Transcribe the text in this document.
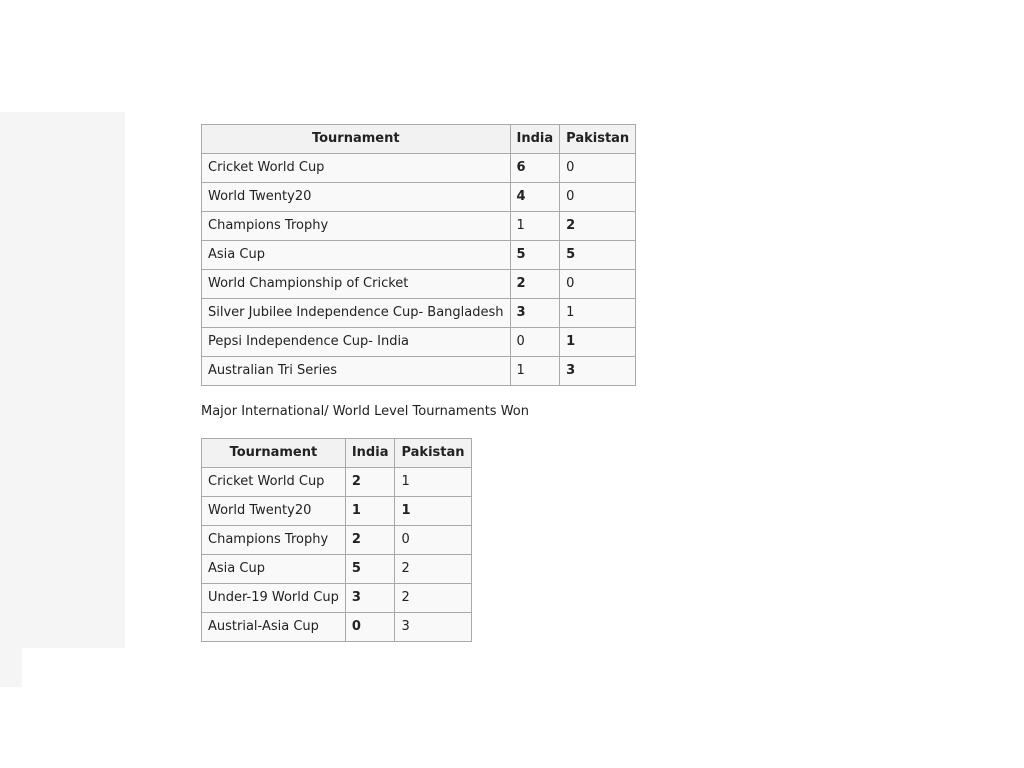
Tournament	India	Pakistan
Cricket World Cup	6	0
World Twenty20	4	0
Champions Trophy	1	2
Asia Cup	5	5
World Championship of Cricket	2	0
Silver Jubilee Independence Cup- Bangladesh	3	1
Pepsi Independence Cup- India	0	1
Australian Tri Series	1	3
Major International/ World Level Tournaments Won
Tournament	India	Pakistan
Cricket World Cup	2	1
World Twenty20	1	1
Champions Trophy	2	0
Asia Cup	5	2
Under-19 World Cup	3	2
Austrial-Asia Cup	0	3
